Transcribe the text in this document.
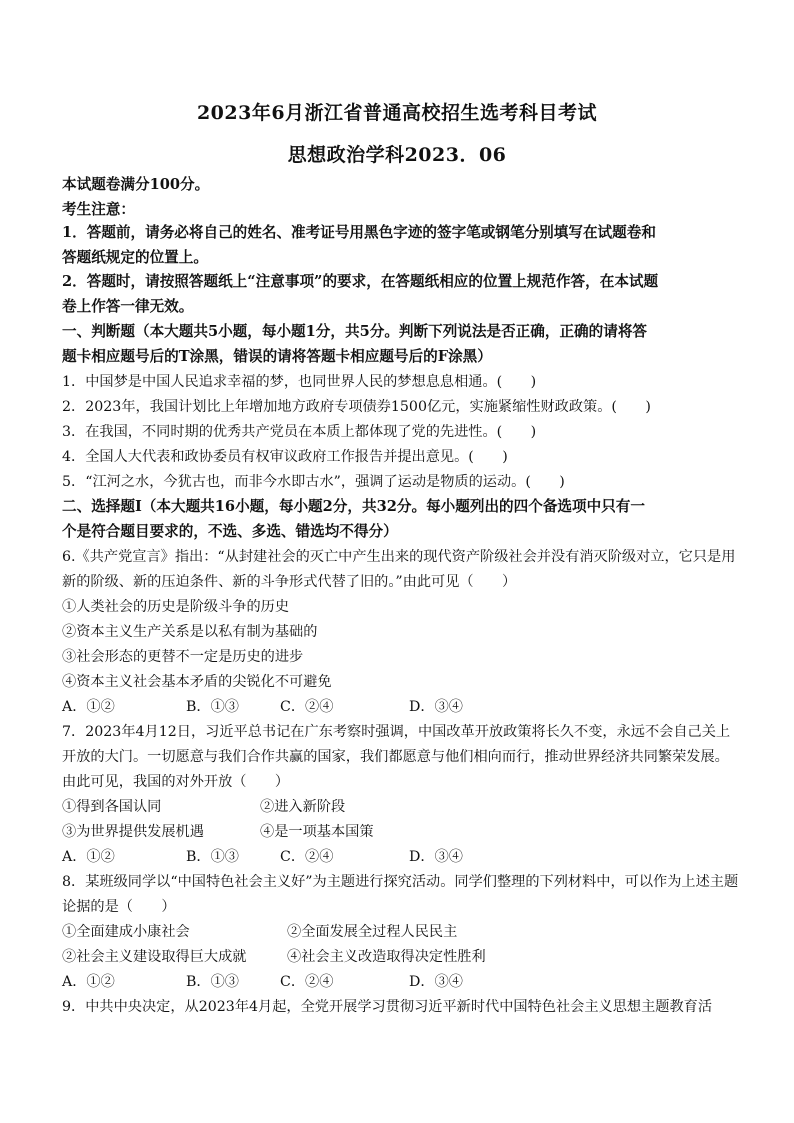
2023年6月浙江省普通高校招生选考科目考试
思想政治学科2023．06
本试题卷满分100分。
考生注意：
1．答题前，请务必将自己的姓名、准考证号用黑色字迹的签字笔或钢笔分别填写在试题卷和
答题纸规定的位置上。
2．答题时，请按照答题纸上“注意事项”的要求，在答题纸相应的位置上规范作答，在本试题
卷上作答一律无效。
一、判断题（本大题共5小题，每小题1分，共5分。判断下列说法是否正确，正确的请将答
题卡相应题号后的T涂黑，错误的请将答题卡相应题号后的F涂黑）
1．中国梦是中国人民追求幸福的梦，也同世界人民的梦想息息相通。(　　)
2．2023年，我国计划比上年增加地方政府专项债券1500亿元，实施紧缩性财政政策。(　　)
3．在我国，不同时期的优秀共产党员在本质上都体现了党的先进性。(　　)
4．全国人大代表和政协委员有权审议政府工作报告并提出意见。(　　)
5．“江河之水，今犹古也，而非今水即古水”，强调了运动是物质的运动。(　　)
二、选择题Ⅰ（本大题共16小题，每小题2分，共32分。每小题列出的四个备选项中只有一
个是符合题目要求的，不选、多选、错选均不得分）
6.《共产党宣言》指出：“从封建社会的灭亡中产生出来的现代资产阶级社会并没有消灭阶级对立，它只是用
新的阶级、新的压迫条件、新的斗争形式代替了旧的。”由此可见（　　）
①人类社会的历史是阶级斗争的历史
②资本主义生产关系是以私有制为基础的
③社会形态的更替不一定是历史的进步
④资本主义社会基本矛盾的尖锐化不可避免
A．①②	B．①③	C．②④	D．③④
7．2023年4月12日，习近平总书记在广东考察时强调，中国改革开放政策将长久不变，永远不会自己关上
开放的大门。一切愿意与我们合作共赢的国家，我们都愿意与他们相向而行，推动世界经济共同繁荣发展。
由此可见，我国的对外开放（　　）
①得到各国认同	②进入新阶段
③为世界提供发展机遇	④是一项基本国策
A．①②	B．①③	C．②④	D．③④
8．某班级同学以“中国特色社会主义好”为主题进行探究活动。同学们整理的下列材料中，可以作为上述主题
论据的是（　　）
①全面建成小康社会	②全面发展全过程人民民主
②社会主义建设取得巨大成就	④社会主义改造取得决定性胜利
A．①②	B．①③	C．②④	D．③④
9．中共中央决定，从2023年4月起，全党开展学习贯彻习近平新时代中国特色社会主义思想主题教育活
